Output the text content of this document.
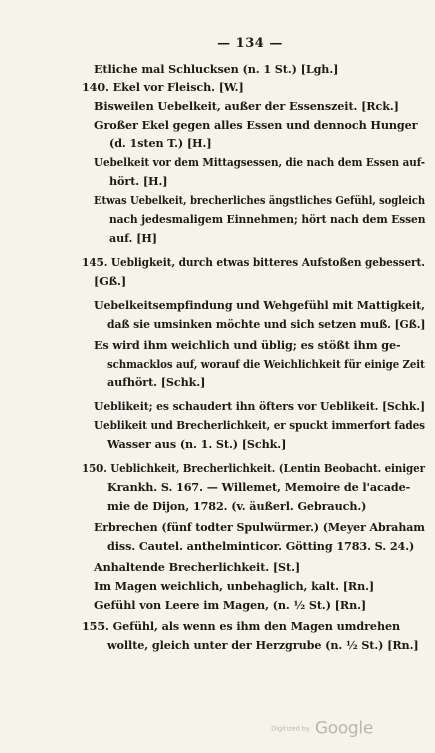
— 134 —
Etliche mal Schlucksen (n. 1 St.) [Lgh.]
140. Ekel vor Fleisch. [W.]
Bisweilen Uebelkeit, außer der Essenszeit. [Rck.]
Großer Ekel gegen alles Essen und dennoch Hunger
(d. 1sten T.) [H.]
Uebelkeit vor dem Mittagsessen, die nach dem Essen auf-
hört. [H.]
Etwas Uebelkeit, brecherliches ängstliches Gefühl, sogleich
nach jedesmaligem Einnehmen; hört nach dem Essen
auf. [H]
145. Uebligkeit, durch etwas bitteres Aufstoßen gebessert.
[Gß.]
Uebelkeitsempfindung und Wehgefühl mit Mattigkeit,
daß sie umsinken möchte und sich setzen muß. [Gß.]
Es wird ihm weichlich und üblig; es stößt ihm ge-
schmacklos auf, worauf die Weichlichkeit für einige Zeit
aufhört. [Schk.]
Ueblikeit; es schaudert ihn öfters vor Ueblikeit. [Schk.]
Ueblikeit und Brecherlichkeit, er spuckt immerfort fades
Wasser aus (n. 1. St.) [Schk.]
150. Ueblichkeit, Brecherlichkeit. (Lentin Beobacht. einiger
Krankh. S. 167. — Willemet, Memoire de l'acade-
mie de Dijon, 1782. (v. äußerl. Gebrauch.)
Erbrechen (fünf todter Spulwürmer.) (Meyer Abraham
diss. Cautel. anthelminticor. Götting 1783. S. 24.)
Anhaltende Brecherlichkeit. [St.]
Im Magen weichlich, unbehaglich, kalt. [Rn.]
Gefühl von Leere im Magen, (n. ½ St.) [Rn.]
155. Gefühl, als wenn es ihm den Magen umdrehen
wollte, gleich unter der Herzgrube (n. ½ St.) [Rn.]
Digitized by Google
